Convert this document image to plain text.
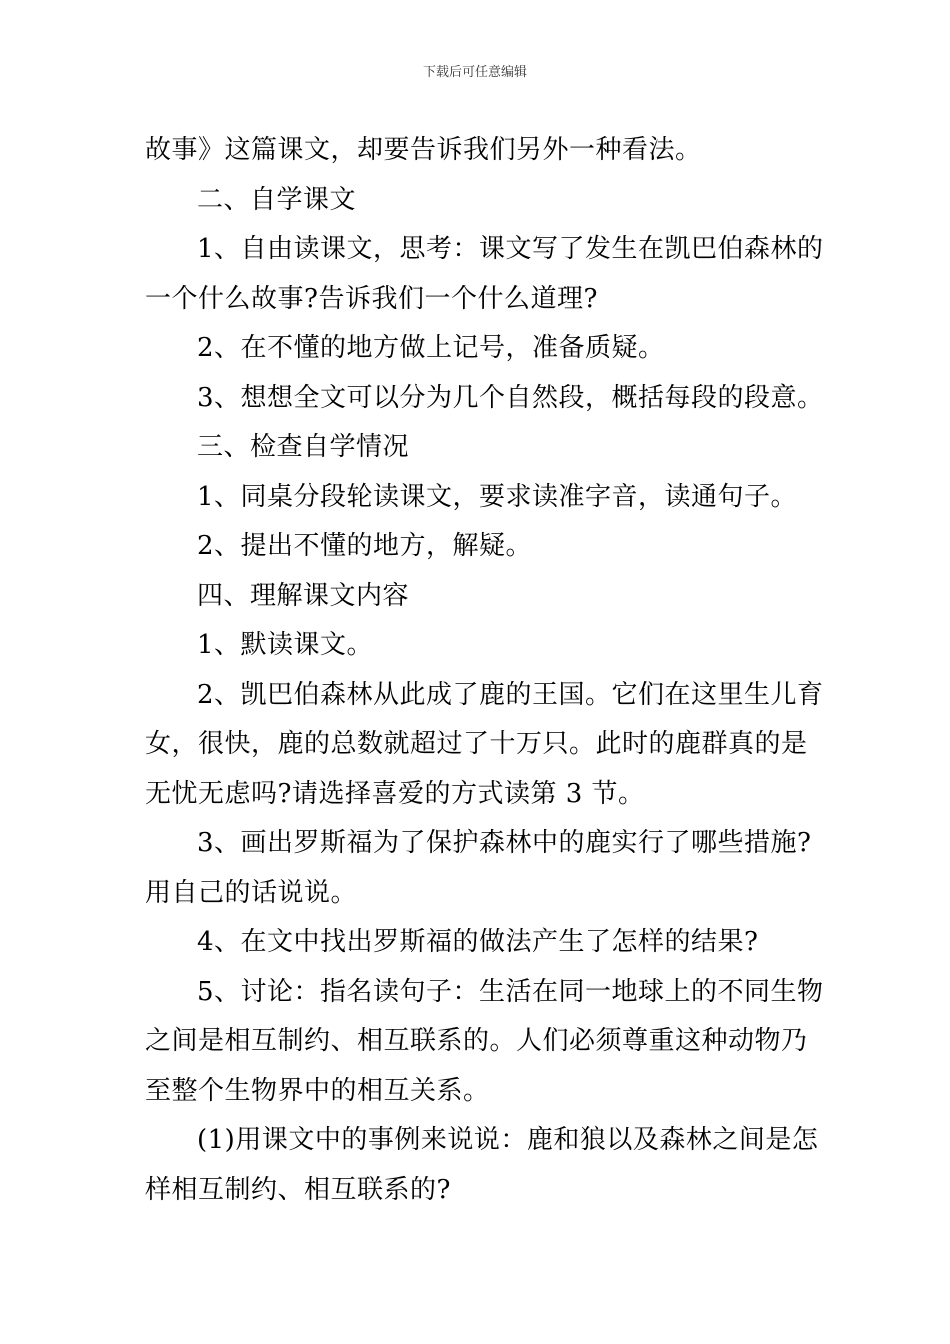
下载后可任意编辑
故事》这篇课文，却要告诉我们另外一种看法。
二、自学课文
1、自由读课文，思考：课文写了发生在凯巴伯森林的
一个什么故事?告诉我们一个什么道理?
2、在不懂的地方做上记号，准备质疑。
3、想想全文可以分为几个自然段，概括每段的段意。
三、检查自学情况
1、同桌分段轮读课文，要求读准字音，读通句子。
2、提出不懂的地方，解疑。
四、理解课文内容
1、默读课文。
2、凯巴伯森林从此成了鹿的王国。它们在这里生儿育
女，很快，鹿的总数就超过了十万只。此时的鹿群真的是
无忧无虑吗?请选择喜爱的方式读第 3 节。
3、画出罗斯福为了保护森林中的鹿实行了哪些措施?
用自己的话说说。
4、在文中找出罗斯福的做法产生了怎样的结果?
5、讨论：指名读句子：生活在同一地球上的不同生物
之间是相互制约、相互联系的。人们必须尊重这种动物乃
至整个生物界中的相互关系。
(1)用课文中的事例来说说：鹿和狼以及森林之间是怎
样相互制约、相互联系的?
